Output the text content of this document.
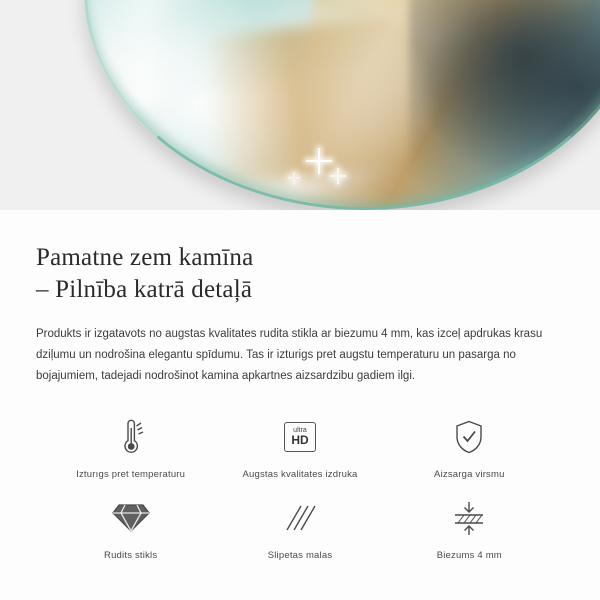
Pamatne zem kamīna
– Pilnība katrā detaļā

Produkts ir izgatavots no augstas kvalitates rudita stikla ar biezumu 4 mm, kas izceļ apdrukas krasu dziļumu un nodrošina elegantu spīdumu. Tas ir izturigs pret augstu temperaturu un pasarga no bojajumiem, tadejadi nodrošinot kamina apkartnes aizsardzibu gadiem ilgi.

Izturıgs pret temperaturu
ultra
HD
Augstas kvalitates izdruka	Aizsarga virsmu
Rudits stikls	Slipetas malas	Biezums 4 mm
